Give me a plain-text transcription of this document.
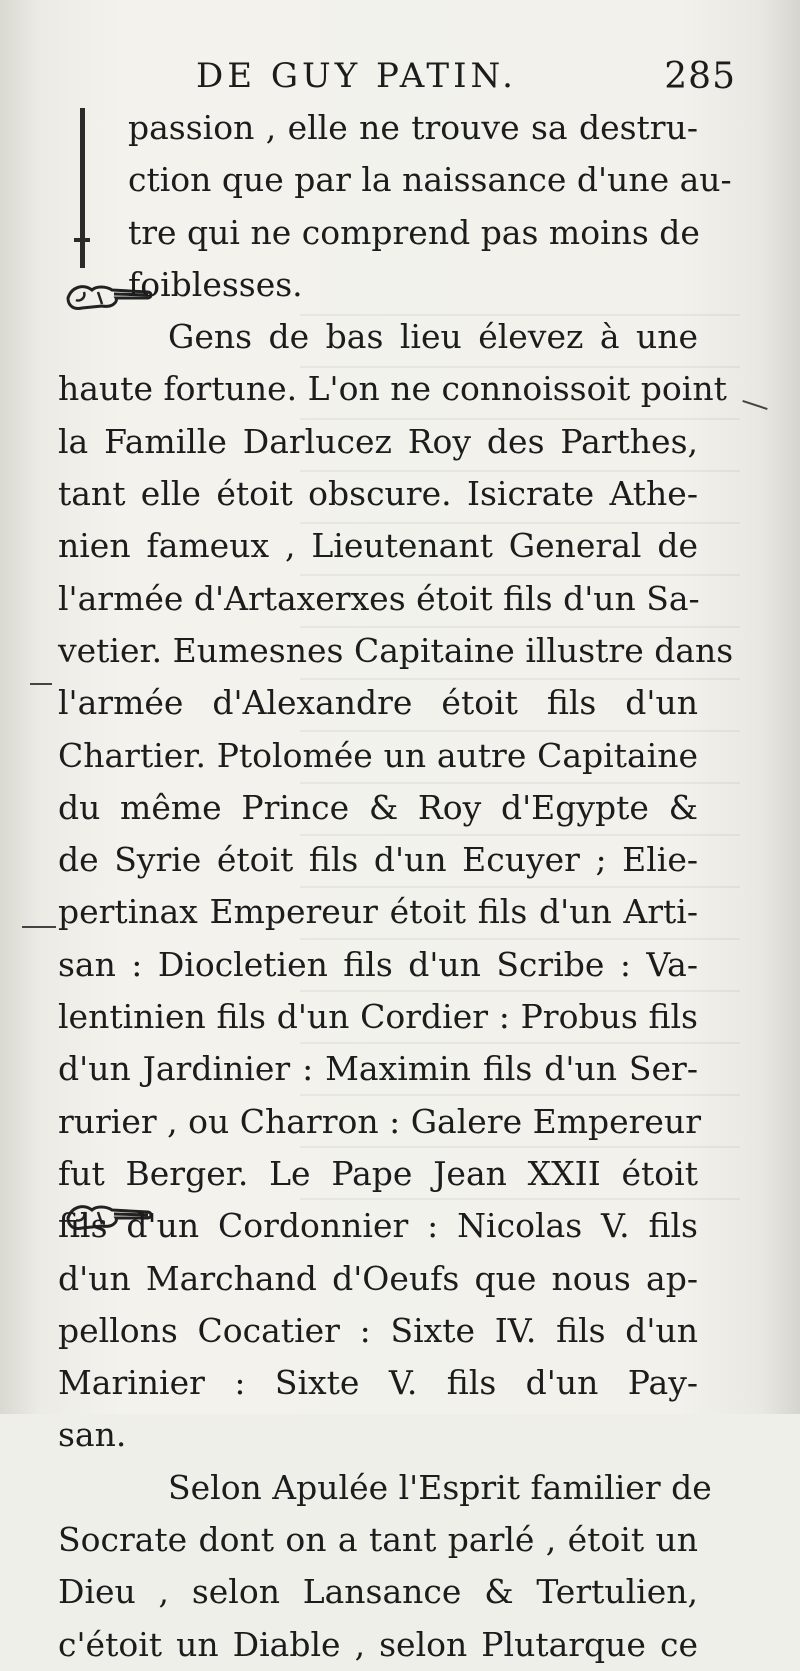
DE GUY PATIN.	285
passion , elle ne trouve sa destru-
ction que par la naissance d'une au-
tre qui ne comprend pas moins de
foiblesses.
Gens de bas lieu élevez à une
haute fortune. L'on ne connoissoit point
la Famille Darlucez Roy des Parthes,
tant elle étoit obscure. Isicrate Athe-
nien fameux , Lieutenant General de
l'armée d'Artaxerxes étoit fils d'un Sa-
vetier. Eumesnes Capitaine illustre dans
l'armée d'Alexandre étoit fils d'un
Chartier. Ptolomée un autre Capitaine
du même Prince & Roy d'Egypte &
de Syrie étoit fils d'un Ecuyer ; Elie-
pertinax Empereur étoit fils d'un Arti-
san : Diocletien fils d'un Scribe : Va-
lentinien fils d'un Cordier : Probus fils
d'un Jardinier : Maximin fils d'un Ser-
rurier , ou Charron : Galere Empereur
fut Berger. Le Pape Jean XXII étoit
fils d'un Cordonnier : Nicolas V. fils
d'un Marchand d'Oeufs que nous ap-
pellons Cocatier : Sixte IV. fils d'un
Marinier : Sixte V. fils d'un Pay-
san.
Selon Apulée l'Esprit familier de
Socrate dont on a tant parlé , étoit un
Dieu , selon Lansance & Tertulien,
c'étoit un Diable , selon Plutarque ce
